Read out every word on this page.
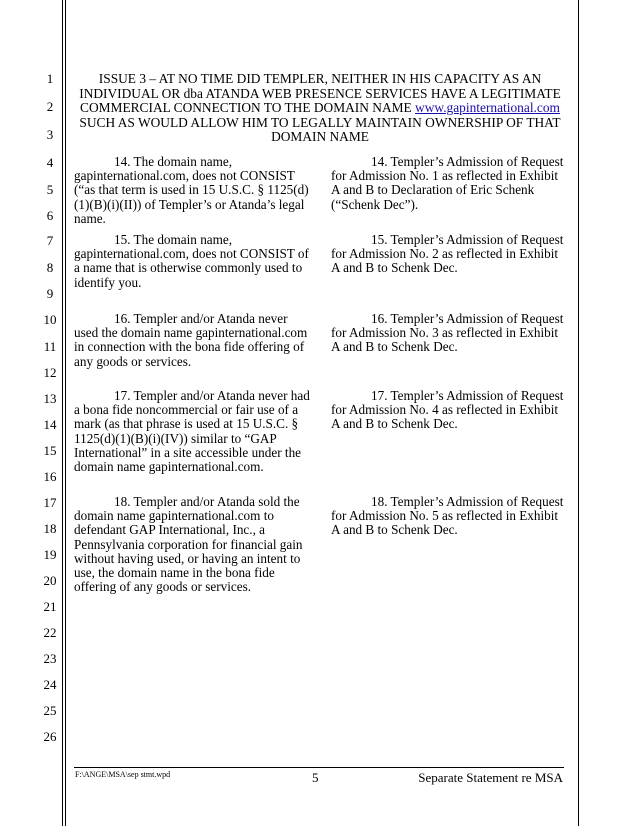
1
2
3
4
5
6
7
8
9
10
11
12
13
14
15
16
17
18
19
20
21
22
23
24
25
26
ISSUE 3 – AT NO TIME DID TEMPLER, NEITHER IN HIS CAPACITY AS AN INDIVIDUAL OR dba ATANDA WEB PRESENCE SERVICES HAVE A LEGITIMATE COMMERCIAL CONNECTION TO THE DOMAIN NAME www.gapinternational.com SUCH AS WOULD ALLOW HIM TO LEGALLY MAINTAIN OWNERSHIP OF THAT DOMAIN NAME

14. The domain name, gapinternational.com, does not CONSIST (“as that term is used in 15 U.S.C. § 1125(d)(1)(B)(i)(II)) of Templer’s or Atanda’s legal name.

14. Templer’s Admission of Request for Admission No. 1 as reflected in Exhibit A and B to Declaration of Eric Schenk (“Schenk Dec”).

15. The domain name, gapinternational.com, does not CONSIST of a name that is otherwise commonly used to identify you.

15. Templer’s Admission of Request for Admission No. 2 as reflected in Exhibit A and B to Schenk Dec.

16. Templer and/or Atanda never used the domain name gapinternational.com in connection with the bona fide offering of any goods or services.

16. Templer’s Admission of Request for Admission No. 3 as reflected in Exhibit A and B to Schenk Dec.

17. Templer and/or Atanda never had a bona fide noncommercial or fair use of a mark (as that phrase is used at 15 U.S.C. § 1125(d)(1)(B)(i)(IV)) similar to “GAP International” in a site accessible under the domain name gapinternational.com.

17. Templer’s Admission of Request for Admission No. 4 as reflected in Exhibit A and B to Schenk Dec.

18. Templer and/or Atanda sold the domain name gapinternational.com to defendant GAP International, Inc., a Pennsylvania corporation for financial gain without having used, or having an intent to use, the domain name in the bona fide offering of any goods or services.

18. Templer’s Admission of Request for Admission No. 5 as reflected in Exhibit A and B to Schenk Dec.

F:\ANGE\MSA\sep stmt.wpd	5	Separate Statement re MSA
